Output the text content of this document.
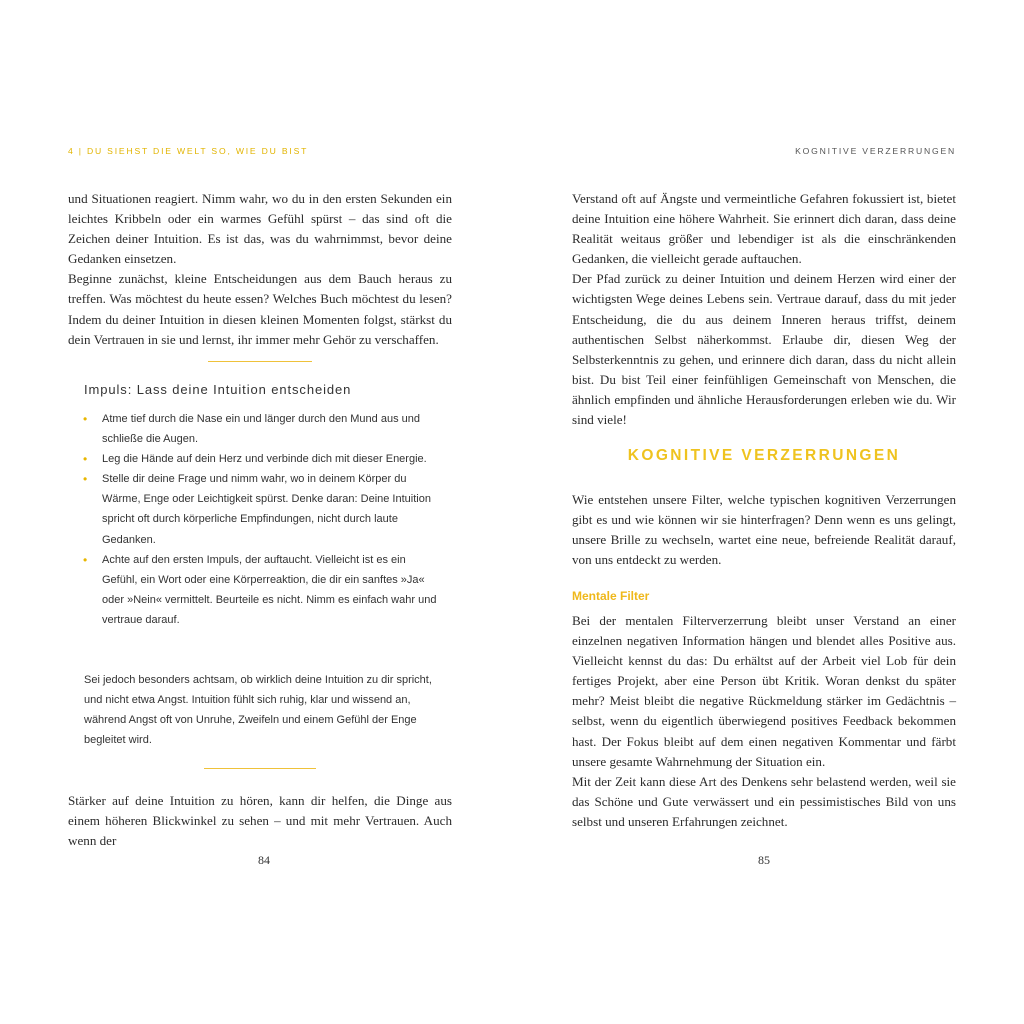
4 | DU SIEHST DIE WELT SO, WIE DU BIST

und Situationen reagiert. Nimm wahr, wo du in den ersten Sekunden ein leichtes Kribbeln oder ein warmes Gefühl spürst – das sind oft die Zeichen deiner Intuition. Es ist das, was du wahrnimmst, bevor deine Gedanken einsetzen.

Beginne zunächst, kleine Entscheidungen aus dem Bauch heraus zu treffen. Was möchtest du heute essen? Welches Buch möchtest du lesen? Indem du deiner Intuition in diesen kleinen Momenten folgst, stärkst du dein Vertrauen in sie und lernst, ihr immer mehr Gehör zu verschaffen.

Impuls: Lass deine Intuition entscheiden
• Atme tief durch die Nase ein und länger durch den Mund aus und schließe die Augen.
• Leg die Hände auf dein Herz und verbinde dich mit dieser Energie.
• Stelle dir deine Frage und nimm wahr, wo in deinem Körper du Wärme, Enge oder Leichtigkeit spürst. Denke daran: Deine Intuition spricht oft durch körperliche Empfindungen, nicht durch laute Gedanken.
• Achte auf den ersten Impuls, der auftaucht. Vielleicht ist es ein Gefühl, ein Wort oder eine Körperreaktion, die dir ein sanftes »Ja« oder »Nein« vermittelt. Beurteile es nicht. Nimm es einfach wahr und vertraue darauf.

Sei jedoch besonders achtsam, ob wirklich deine Intuition zu dir spricht, und nicht etwa Angst. Intuition fühlt sich ruhig, klar und wissend an, während Angst oft von Unruhe, Zweifeln und einem Gefühl der Enge begleitet wird.

Stärker auf deine Intuition zu hören, kann dir helfen, die Dinge aus einem höheren Blickwinkel zu sehen – und mit mehr Vertrauen. Auch wenn der

84
KOGNITIVE VERZERRUNGEN

Verstand oft auf Ängste und vermeintliche Gefahren fokussiert ist, bietet deine Intuition eine höhere Wahrheit. Sie erinnert dich daran, dass deine Realität weitaus größer und lebendiger ist als die einschränkenden Gedanken, die vielleicht gerade auftauchen.

Der Pfad zurück zu deiner Intuition und deinem Herzen wird einer der wichtigsten Wege deines Lebens sein. Vertraue darauf, dass du mit jeder Entscheidung, die du aus deinem Inneren heraus triffst, deinem authentischen Selbst näherkommst. Erlaube dir, diesen Weg der Selbsterkenntnis zu gehen, und erinnere dich daran, dass du nicht allein bist. Du bist Teil einer feinfühligen Gemeinschaft von Menschen, die ähnlich empfinden und ähnliche Herausforderungen erleben wie du. Wir sind viele!

KOGNITIVE VERZERRUNGEN

Wie entstehen unsere Filter, welche typischen kognitiven Verzerrungen gibt es und wie können wir sie hinterfragen? Denn wenn es uns gelingt, unsere Brille zu wechseln, wartet eine neue, befreiende Realität darauf, von uns entdeckt zu werden.

Mentale Filter

Bei der mentalen Filterverzerrung bleibt unser Verstand an einer einzelnen negativen Information hängen und blendet alles Positive aus. Vielleicht kennst du das: Du erhältst auf der Arbeit viel Lob für dein fertiges Projekt, aber eine Person übt Kritik. Woran denkst du später mehr? Meist bleibt die negative Rückmeldung stärker im Gedächtnis – selbst, wenn du eigentlich überwiegend positives Feedback bekommen hast. Der Fokus bleibt auf dem einen negativen Kommentar und färbt unsere gesamte Wahrnehmung der Situation ein.

Mit der Zeit kann diese Art des Denkens sehr belastend werden, weil sie das Schöne und Gute verwässert und ein pessimistisches Bild von uns selbst und unseren Erfahrungen zeichnet.

85
